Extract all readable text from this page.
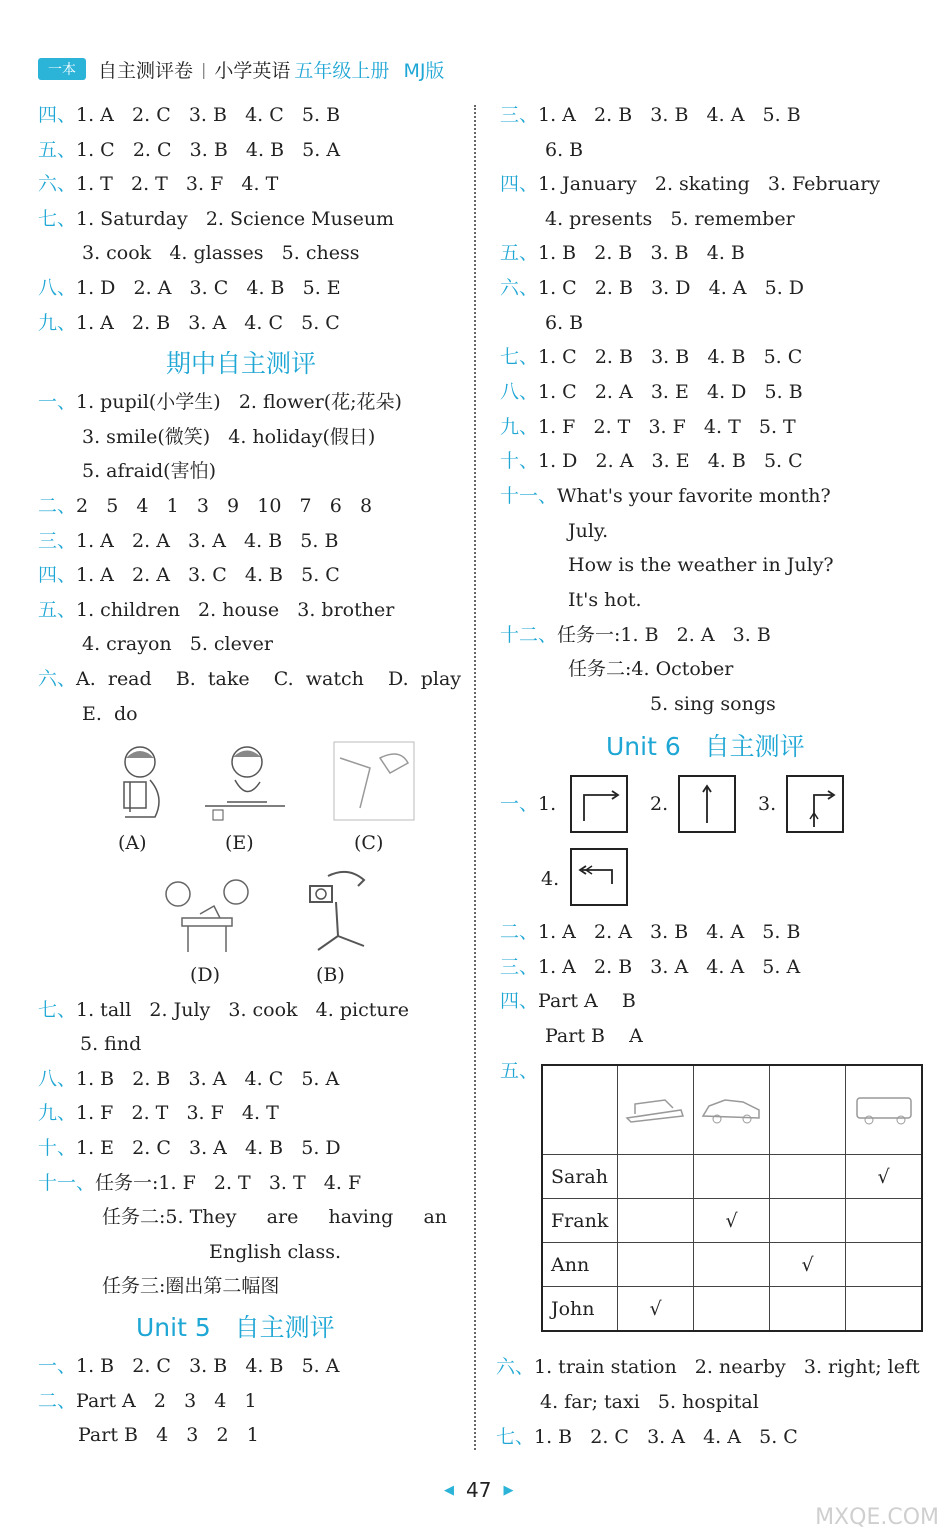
一本	自主测评卷 | 小学英语 五年级上册 MJ版
四、1. A   2. C   3. B   4. C   5. B
五、1. C   2. C   3. B   4. B   5. A
六、1. T   2. T   3. F   4. T
七、1. Saturday   2. Science Museum
3. cook   4. glasses   5. chess
八、1. D   2. A   3. C   4. B   5. E
九、1. A   2. B   3. A   4. C   5. C
期中自主测评
一、1. pupil(小学生)   2. flower(花;花朵)
3. smile(微笑)   4. holiday(假日)
5. afraid(害怕)
二、2   5   4   1   3   9   10   7   6   8
三、1. A   2. A   3. A   4. B   5. B
四、1. A   2. A   3. C   4. B   5. C
五、1. children   2. house   3. brother
4. crayon   5. clever
六、A.  read    B.  take    C.  watch    D.  play
E.  do
(A)	(E)	(C)
(D)	(B)
七、1. tall   2. July   3. cook   4. picture
5. find
八、1. B   2. B   3. A   4. C   5. A
九、1. F   2. T   3. F   4. T
十、1. E   2. C   3. A   4. B   5. D
十一、任务一:1. F   2. T   3. T   4. F
任务二:5. They     are     having     an
English class.
任务三:圈出第二幅图
Unit 5   自主测评
一、1. B   2. C   3. B   4. B   5. A
二、Part A   2   3   4   1
Part B   4   3   2   1
三、1. A   2. B   3. B   4. A   5. B
6. B
四、1. January   2. skating   3. February
4. presents   5. remember
五、1. B   2. B   3. B   4. B
六、1. C   2. B   3. D   4. A   5. D
6. B
七、1. C   2. B   3. B   4. B   5. C
八、1. C   2. A   3. E   4. D   5. B
九、1. F   2. T   3. F   4. T   5. T
十、1. D   2. A   3. E   4. B   5. C
十一、What's your favorite month?
July.
How is the weather in July?
It's hot.
十二、任务一:1. B   2. A   3. B
任务二:4. October
5. sing songs
Unit 6   自主测评
一、1.	2.	3.
4.
二、1. A   2. A   3. B   4. A   5. B
三、1. A   2. B   3. A   4. A   5. A
四、Part A    B
Part B    A
五、

Sarah				√
Frank		√		
Ann			√	
John	√			
六、1. train station   2. nearby   3. right; left
4. far; taxi   5. hospital
七、1. B   2. C   3. A   4. A   5. C
◀ 47 ▶
MXQE.COM
